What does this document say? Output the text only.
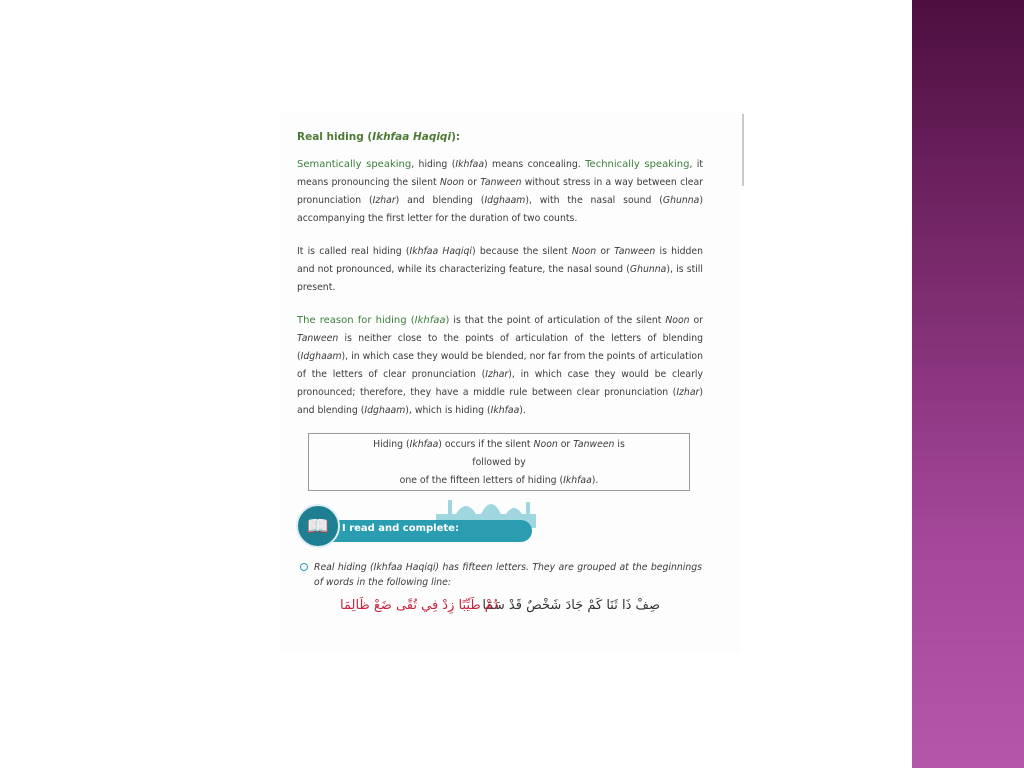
Real hiding (Ikhfaa Haqiqi):

Semantically speaking, hiding (Ikhfaa) means concealing. Technically speaking, it means pronouncing the silent Noon or Tanween without stress in a way between clear pronunciation (Izhar) and blending (Idghaam), with the nasal sound (Ghunna) accompanying the first letter for the duration of two counts.

It is called real hiding (Ikhfaa Haqiqi) because the silent Noon or Tanween is hidden and not pronounced, while its characterizing feature, the nasal sound (Ghunna), is still present.

The reason for hiding (Ikhfaa) is that the point of articulation of the silent Noon or Tanween is neither close to the points of articulation of the letters of blending (Idghaam), in which case they would be blended, nor far from the points of articulation of the letters of clear pronunciation (Izhar), in which case they would be clearly pronounced; therefore, they have a middle rule between clear pronunciation (Izhar) and blending (Idghaam), which is hiding (Ikhfaa).

Hiding (Ikhfaa) occurs if the silent Noon or Tanween is
followed by
one of the fifteen letters of hiding (Ikhfaa).
I read and complete:
📖
Real hiding (Ikhfaa Haqiqi) has fifteen letters. They are grouped at the beginnings of words in the following line:
صِفْ ذَا ثَنَا كَمْ جَادَ شَخْصٌ قَدْ سَمَا
دُمْ طَيِّبًا زِدْ فِي تُقًى ضَعْ ظَالِمَا
